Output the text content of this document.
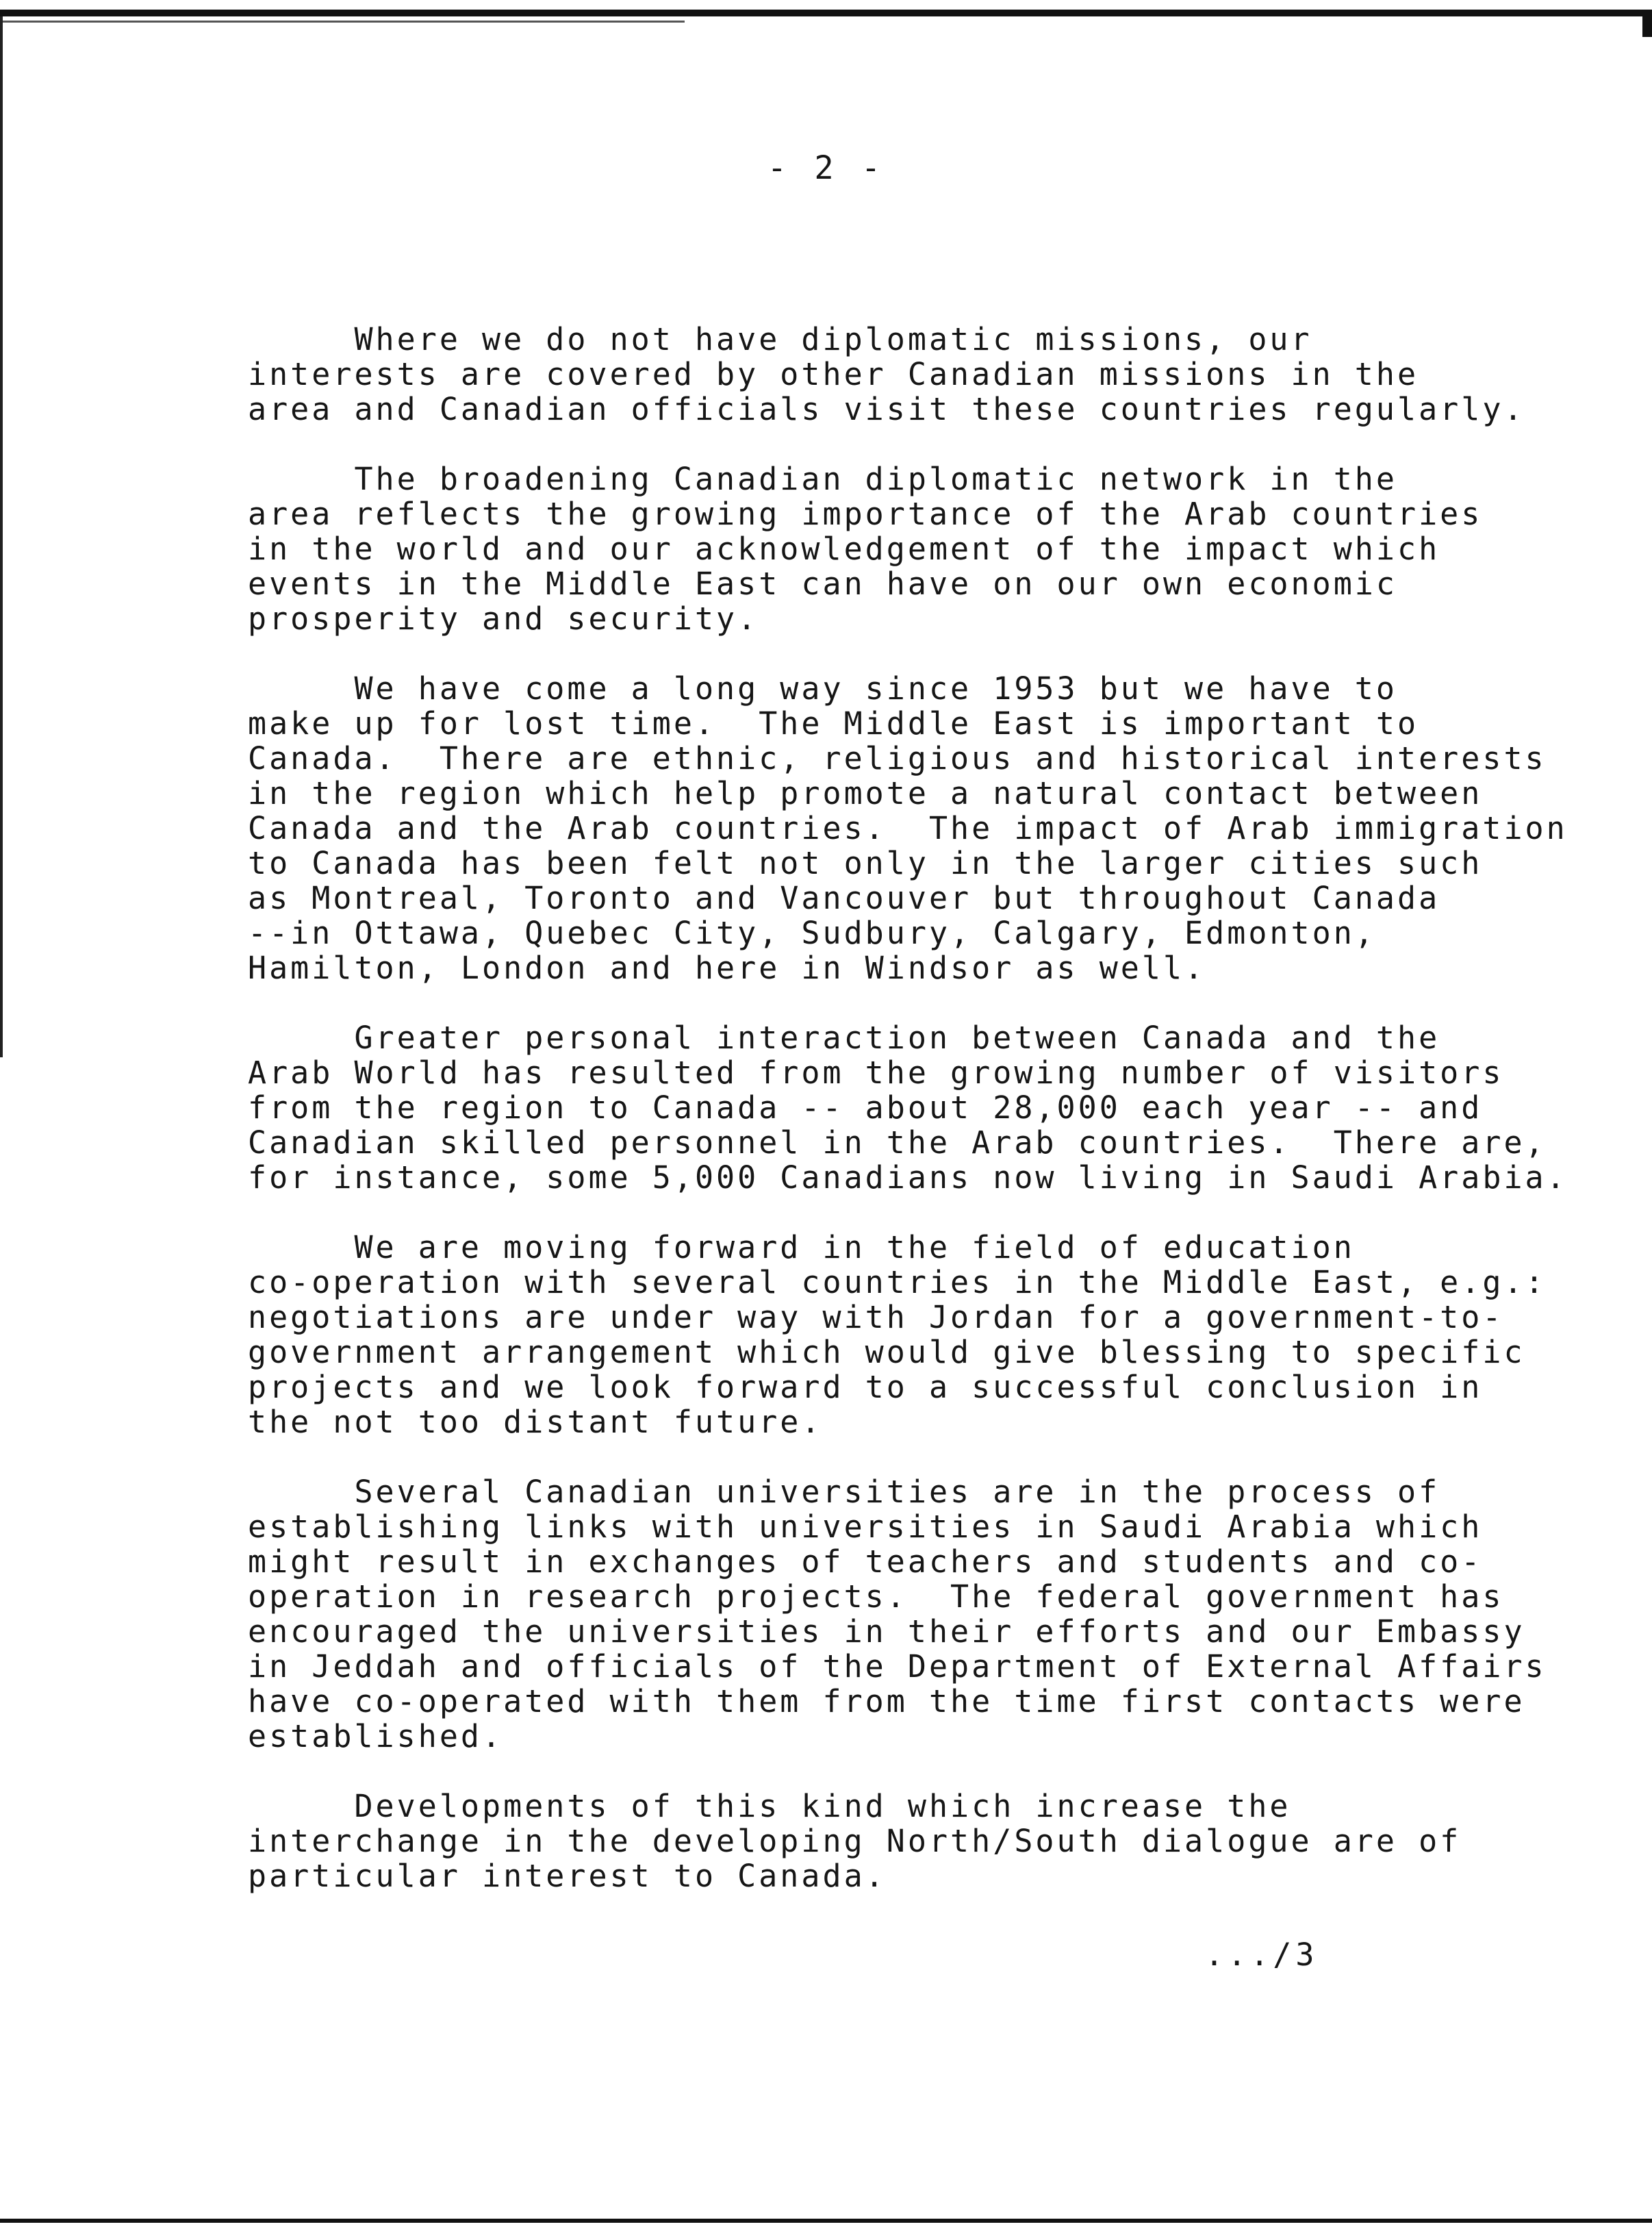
- 2 -
Where we do not have diplomatic missions, our
interests are covered by other Canadian missions in the
area and Canadian officials visit these countries regularly.
The broadening Canadian diplomatic network in the
area reflects the growing importance of the Arab countries
in the world and our acknowledgement of the impact which
events in the Middle East can have on our own economic
prosperity and security.
We have come a long way since 1953 but we have to
make up for lost time.  The Middle East is important to
Canada.  There are ethnic, religious and historical interests
in the region which help promote a natural contact between
Canada and the Arab countries.  The impact of Arab immigration
to Canada has been felt not only in the larger cities such
as Montreal, Toronto and Vancouver but throughout Canada
--in Ottawa, Quebec City, Sudbury, Calgary, Edmonton,
Hamilton, London and here in Windsor as well.
Greater personal interaction between Canada and the
Arab World has resulted from the growing number of visitors
from the region to Canada -- about 28,000 each year -- and
Canadian skilled personnel in the Arab countries.  There are,
for instance, some 5,000 Canadians now living in Saudi Arabia.
We are moving forward in the field of education
co-operation with several countries in the Middle East, e.g.:
negotiations are under way with Jordan for a government-to-
government arrangement which would give blessing to specific
projects and we look forward to a successful conclusion in
the not too distant future.
Several Canadian universities are in the process of
establishing links with universities in Saudi Arabia which
might result in exchanges of teachers and students and co-
operation in research projects.  The federal government has
encouraged the universities in their efforts and our Embassy
in Jeddah and officials of the Department of External Affairs
have co-operated with them from the time first contacts were
established.
Developments of this kind which increase the
interchange in the developing North/South dialogue are of
particular interest to Canada.
.../3
